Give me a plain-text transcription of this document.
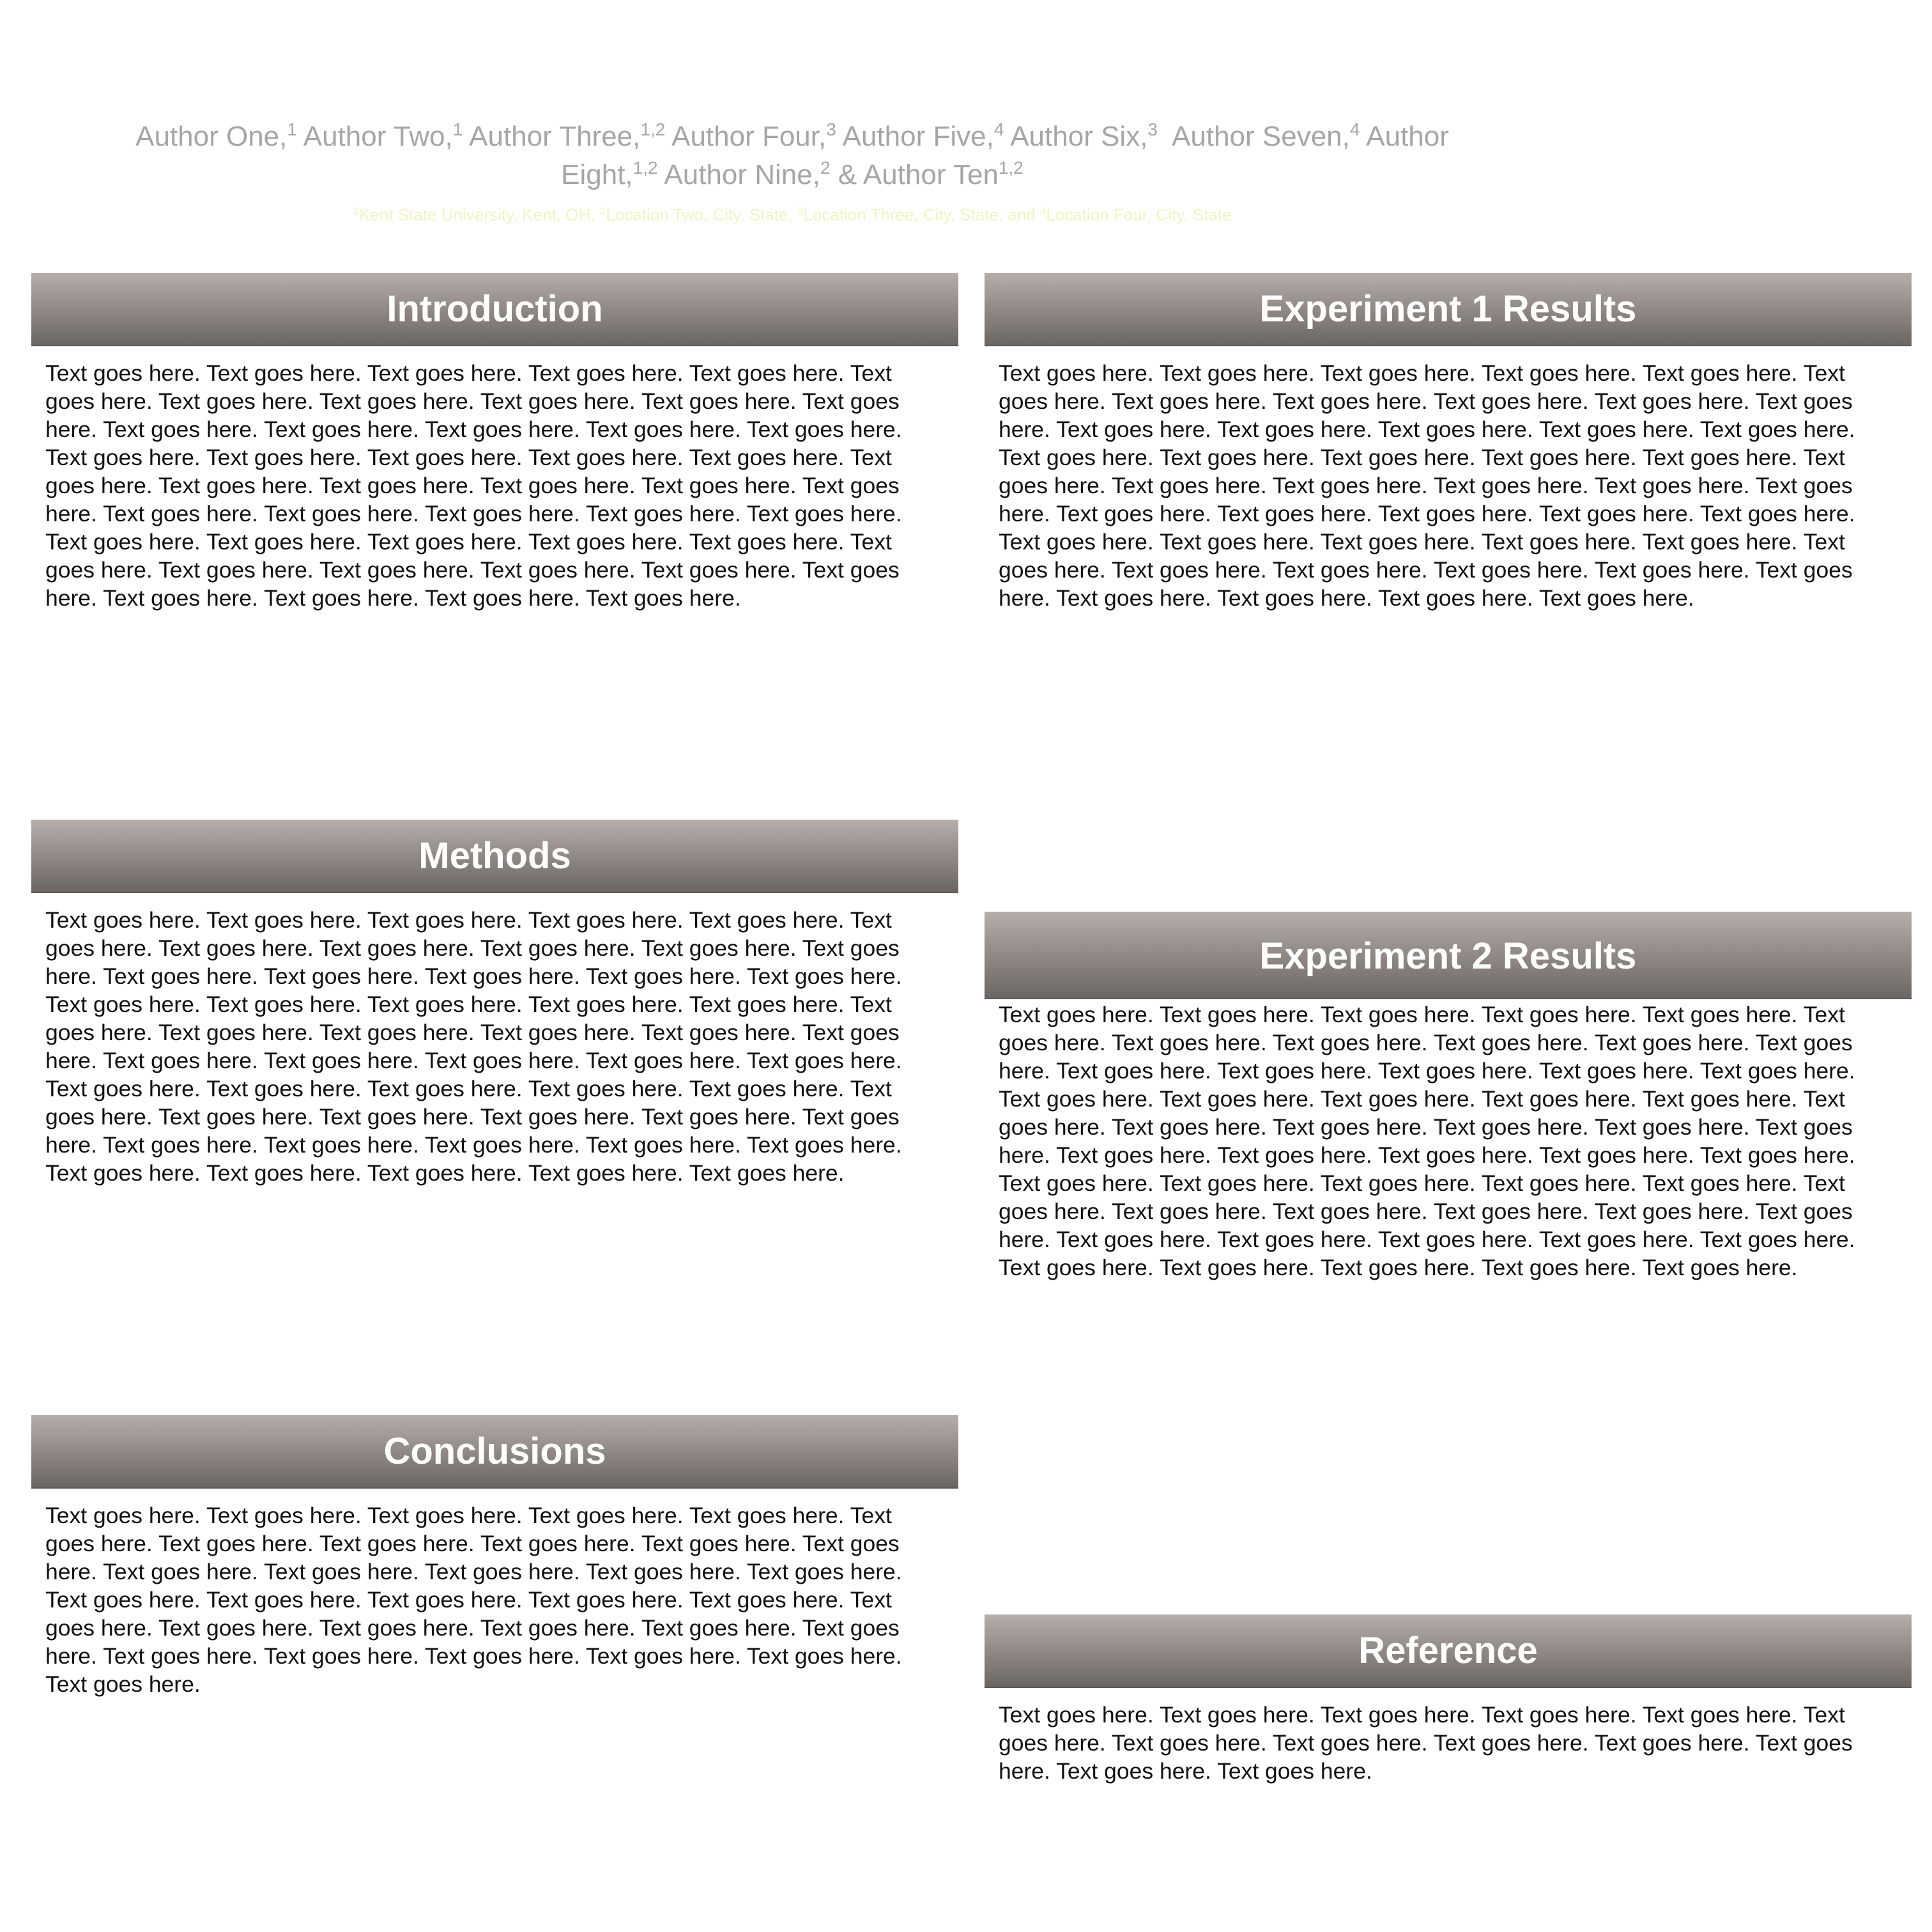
Author One,$^1$ Author Two,$^1$ Author Three,$^{1,2}$ Author Four,$^3$ Author Five,$^4$ Author Six,$^3$  Author Seven,$^4$ Author
Eight,$^{1,2}$ Author Nine,$^2$ & Author Ten$^{1,2}$
$^1$Kent State University, Kent, OH, $^2$Location Two, City, State, $^3$Location Three, City, State, and $^4$Location Four, City, State
Introduction
Text goes here. Text goes here. Text goes here. Text goes here. Text goes here. Text goes here. Text goes here. Text goes here. Text goes here. Text goes here. Text goes here. Text goes here. Text goes here. Text goes here. Text goes here. Text goes here. Text goes here. Text goes here. Text goes here. Text goes here. Text goes here. Text goes here. Text goes here. Text goes here. Text goes here. Text goes here. Text goes here. Text goes here. Text goes here. Text goes here. Text goes here. Text goes here. Text goes here. Text goes here. Text goes here. Text goes here. Text goes here. Text goes here. Text goes here. Text goes here. Text goes here. Text goes here. Text goes here. Text goes here. Text goes here. Text goes here. Text goes here.
Methods
Text goes here. Text goes here. Text goes here. Text goes here. Text goes here. Text goes here. Text goes here. Text goes here. Text goes here. Text goes here. Text goes here. Text goes here. Text goes here. Text goes here. Text goes here. Text goes here. Text goes here. Text goes here. Text goes here. Text goes here. Text goes here. Text goes here. Text goes here. Text goes here. Text goes here. Text goes here. Text goes here. Text goes here. Text goes here. Text goes here. Text goes here. Text goes here. Text goes here. Text goes here. Text goes here. Text goes here. Text goes here. Text goes here. Text goes here. Text goes here. Text goes here. Text goes here. Text goes here. Text goes here. Text goes here. Text goes here. Text goes here. Text goes here. Text goes here. Text goes here. Text goes here. Text goes here. Text goes here.
Conclusions
Text goes here. Text goes here. Text goes here. Text goes here. Text goes here. Text goes here. Text goes here. Text goes here. Text goes here. Text goes here. Text goes here. Text goes here. Text goes here. Text goes here. Text goes here. Text goes here. Text goes here. Text goes here. Text goes here. Text goes here. Text goes here. Text goes here. Text goes here. Text goes here. Text goes here. Text goes here. Text goes here. Text goes here. Text goes here. Text goes here. Text goes here. Text goes here. Text goes here.
Experiment 1 Results
Text goes here. Text goes here. Text goes here. Text goes here. Text goes here. Text goes here. Text goes here. Text goes here. Text goes here. Text goes here. Text goes here. Text goes here. Text goes here. Text goes here. Text goes here. Text goes here. Text goes here. Text goes here. Text goes here. Text goes here. Text goes here. Text goes here. Text goes here. Text goes here. Text goes here. Text goes here. Text goes here. Text goes here. Text goes here. Text goes here. Text goes here. Text goes here. Text goes here. Text goes here. Text goes here. Text goes here. Text goes here. Text goes here. Text goes here. Text goes here. Text goes here. Text goes here. Text goes here. Text goes here. Text goes here. Text goes here. Text goes here.
Experiment 2 Results
Text goes here. Text goes here. Text goes here. Text goes here. Text goes here. Text goes here. Text goes here. Text goes here. Text goes here. Text goes here. Text goes here. Text goes here. Text goes here. Text goes here. Text goes here. Text goes here. Text goes here. Text goes here. Text goes here. Text goes here. Text goes here. Text goes here. Text goes here. Text goes here. Text goes here. Text goes here. Text goes here. Text goes here. Text goes here. Text goes here. Text goes here. Text goes here. Text goes here. Text goes here. Text goes here. Text goes here. Text goes here. Text goes here. Text goes here. Text goes here. Text goes here. Text goes here. Text goes here. Text goes here. Text goes here. Text goes here. Text goes here. Text goes here. Text goes here. Text goes here. Text goes here. Text goes here. Text goes here.
Reference
Text goes here. Text goes here. Text goes here. Text goes here. Text goes here. Text goes here. Text goes here. Text goes here. Text goes here. Text goes here. Text goes here. Text goes here. Text goes here.
